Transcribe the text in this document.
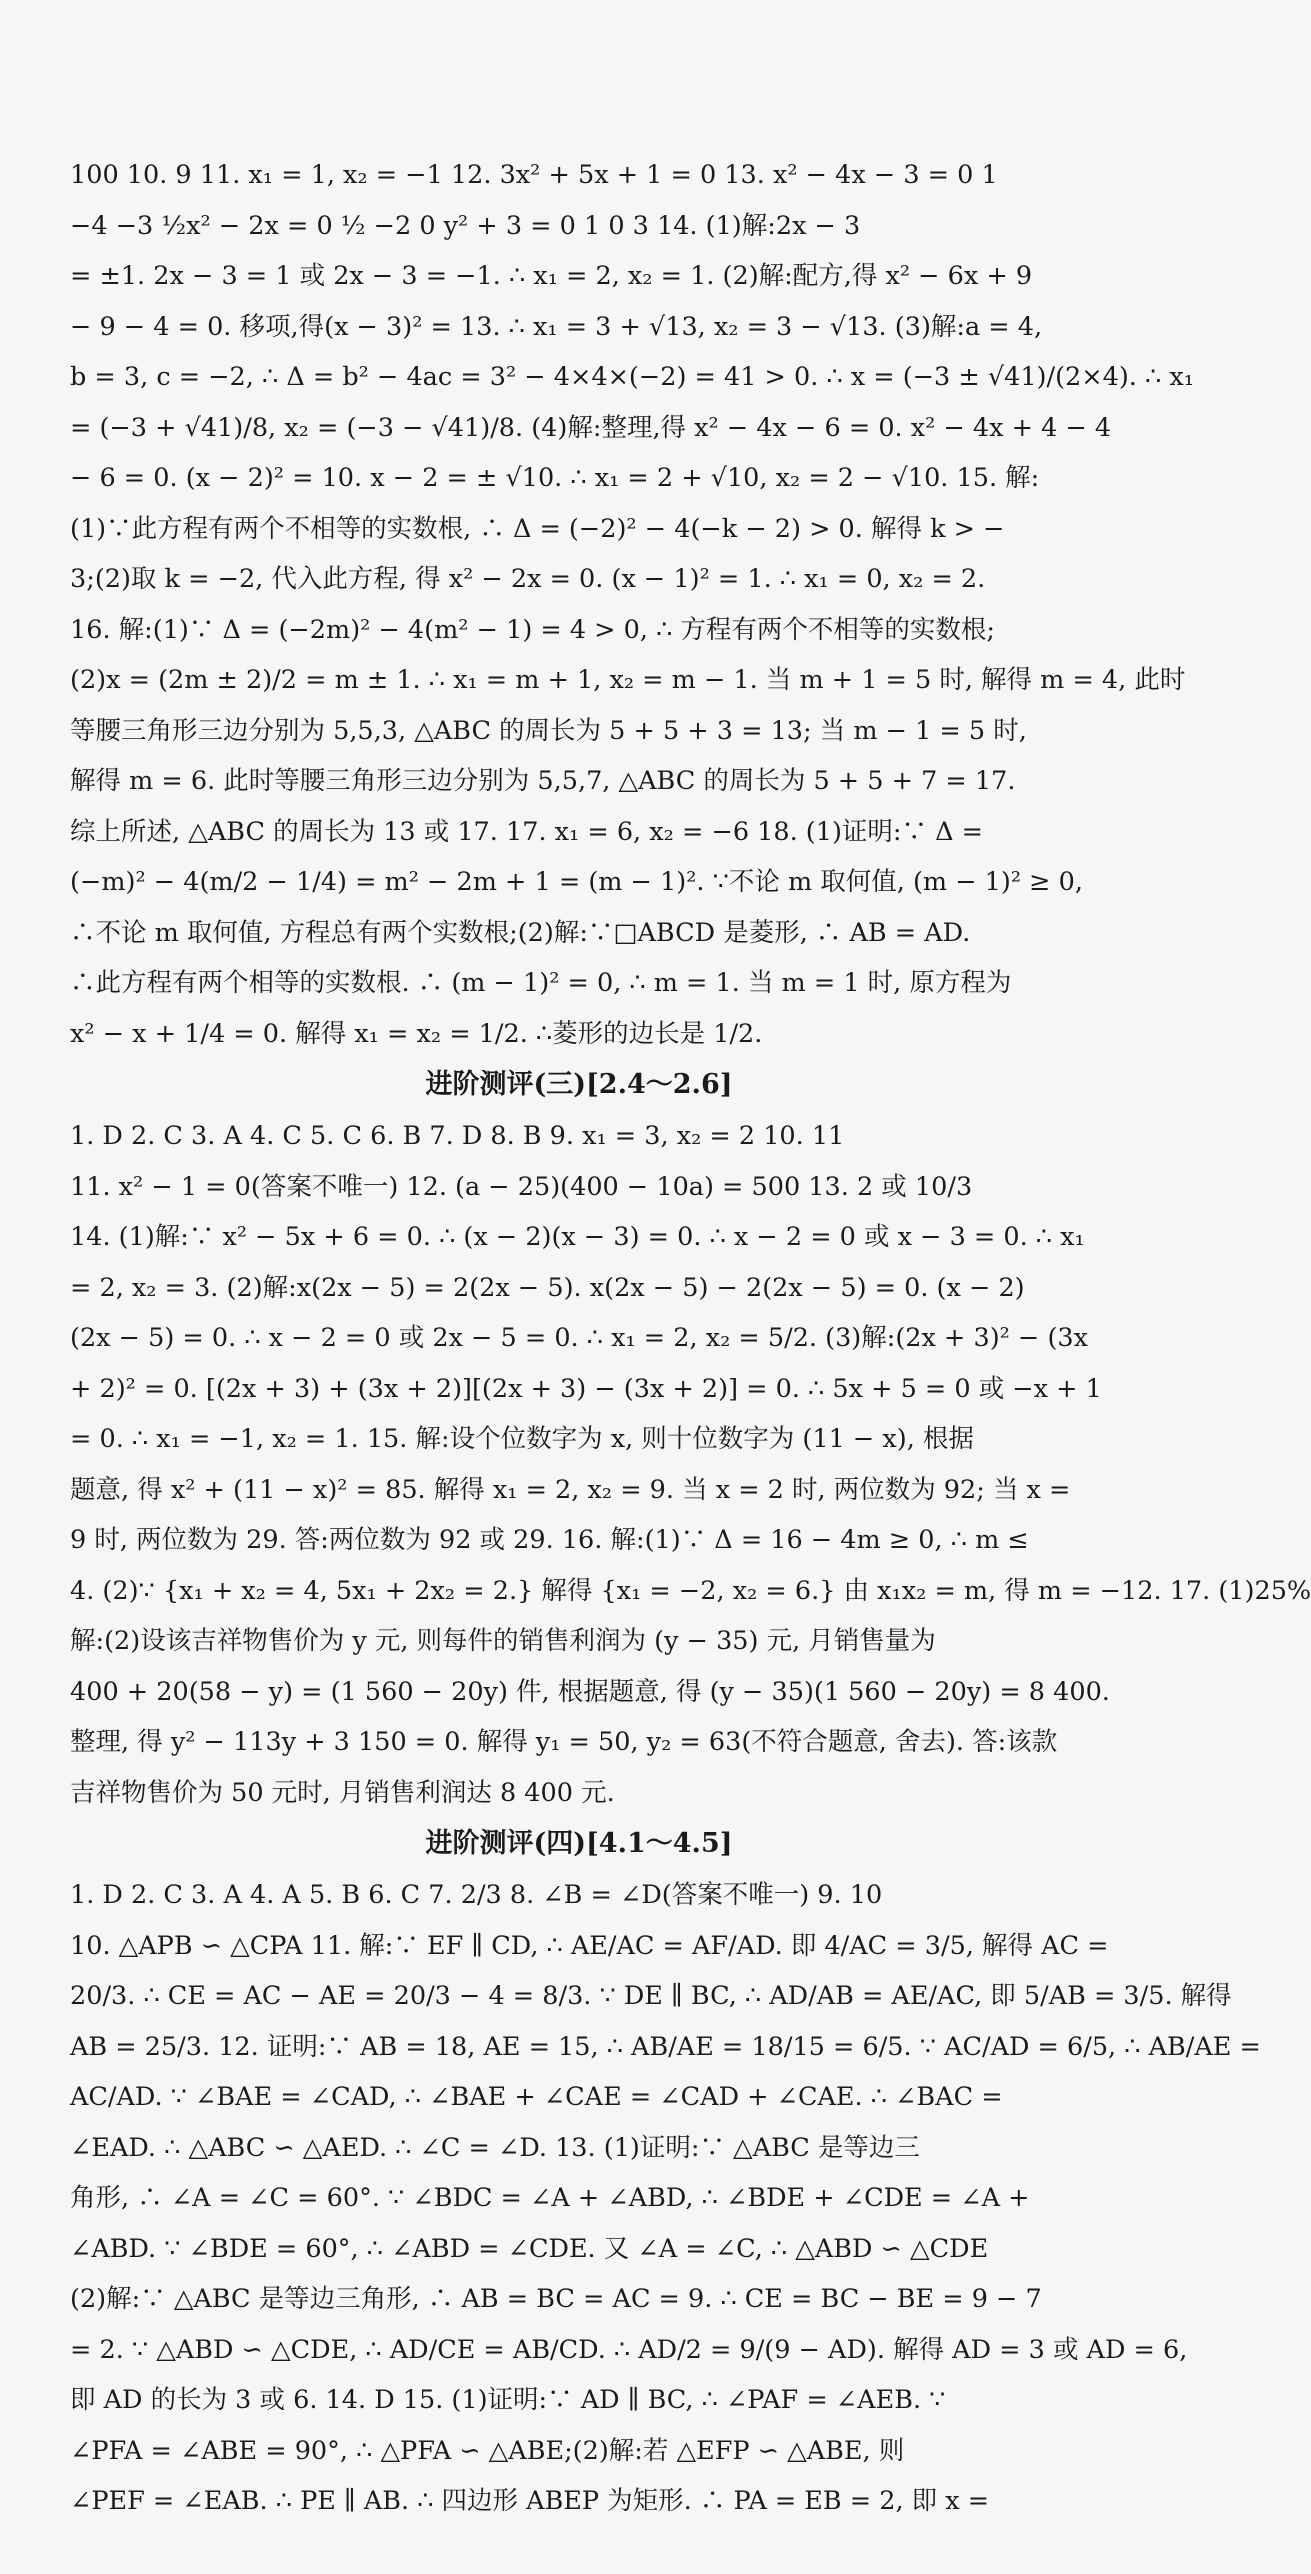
100 10. 9 11. x₁ = 1, x₂ = −1 12. 3x² + 5x + 1 = 0 13. x² − 4x − 3 = 0 1
−4 −3 ½x² − 2x = 0 ½ −2 0 y² + 3 = 0 1 0 3 14. (1)解:2x − 3
= ±1. 2x − 3 = 1 或 2x − 3 = −1. ∴ x₁ = 2, x₂ = 1. (2)解:配方,得 x² − 6x + 9
− 9 − 4 = 0. 移项,得(x − 3)² = 13. ∴ x₁ = 3 + √13, x₂ = 3 − √13. (3)解:a = 4,
b = 3, c = −2, ∴ Δ = b² − 4ac = 3² − 4×4×(−2) = 41 > 0. ∴ x = (−3 ± √41)/(2×4). ∴ x₁
= (−3 + √41)/8, x₂ = (−3 − √41)/8. (4)解:整理,得 x² − 4x − 6 = 0. x² − 4x + 4 − 4
− 6 = 0. (x − 2)² = 10. x − 2 = ± √10. ∴ x₁ = 2 + √10, x₂ = 2 − √10. 15. 解:
(1)∵此方程有两个不相等的实数根, ∴ Δ = (−2)² − 4(−k − 2) > 0. 解得 k > −
3;(2)取 k = −2, 代入此方程, 得 x² − 2x = 0. (x − 1)² = 1. ∴ x₁ = 0, x₂ = 2.
16. 解:(1)∵ Δ = (−2m)² − 4(m² − 1) = 4 > 0, ∴ 方程有两个不相等的实数根;
(2)x = (2m ± 2)/2 = m ± 1. ∴ x₁ = m + 1, x₂ = m − 1. 当 m + 1 = 5 时, 解得 m = 4, 此时
等腰三角形三边分别为 5,5,3, △ABC 的周长为 5 + 5 + 3 = 13; 当 m − 1 = 5 时,
解得 m = 6. 此时等腰三角形三边分别为 5,5,7, △ABC 的周长为 5 + 5 + 7 = 17.
综上所述, △ABC 的周长为 13 或 17. 17. x₁ = 6, x₂ = −6 18. (1)证明:∵ Δ =
(−m)² − 4(m/2 − 1/4) = m² − 2m + 1 = (m − 1)². ∵不论 m 取何值, (m − 1)² ≥ 0,
∴不论 m 取何值, 方程总有两个实数根;(2)解:∵□ABCD 是菱形, ∴ AB = AD.
∴此方程有两个相等的实数根. ∴ (m − 1)² = 0, ∴ m = 1. 当 m = 1 时, 原方程为
x² − x + 1/4 = 0. 解得 x₁ = x₂ = 1/2. ∴菱形的边长是 1/2.
进阶测评(三)[2.4～2.6]
1. D 2. C 3. A 4. C 5. C 6. B 7. D 8. B 9. x₁ = 3, x₂ = 2 10. 11
11. x² − 1 = 0(答案不唯一) 12. (a − 25)(400 − 10a) = 500 13. 2 或 10/3
14. (1)解:∵ x² − 5x + 6 = 0. ∴ (x − 2)(x − 3) = 0. ∴ x − 2 = 0 或 x − 3 = 0. ∴ x₁
= 2, x₂ = 3. (2)解:x(2x − 5) = 2(2x − 5). x(2x − 5) − 2(2x − 5) = 0. (x − 2)
(2x − 5) = 0. ∴ x − 2 = 0 或 2x − 5 = 0. ∴ x₁ = 2, x₂ = 5/2. (3)解:(2x + 3)² − (3x
+ 2)² = 0. [(2x + 3) + (3x + 2)][(2x + 3) − (3x + 2)] = 0. ∴ 5x + 5 = 0 或 −x + 1
= 0. ∴ x₁ = −1, x₂ = 1. 15. 解:设个位数字为 x, 则十位数字为 (11 − x), 根据
题意, 得 x² + (11 − x)² = 85. 解得 x₁ = 2, x₂ = 9. 当 x = 2 时, 两位数为 92; 当 x =
9 时, 两位数为 29. 答:两位数为 92 或 29. 16. 解:(1)∵ Δ = 16 − 4m ≥ 0, ∴ m ≤
4. (2)∵ {x₁ + x₂ = 4, 5x₁ + 2x₂ = 2.} 解得 {x₁ = −2, x₂ = 6.} 由 x₁x₂ = m, 得 m = −12. 17. (1)25%
解:(2)设该吉祥物售价为 y 元, 则每件的销售利润为 (y − 35) 元, 月销售量为
400 + 20(58 − y) = (1 560 − 20y) 件, 根据题意, 得 (y − 35)(1 560 − 20y) = 8 400.
整理, 得 y² − 113y + 3 150 = 0. 解得 y₁ = 50, y₂ = 63(不符合题意, 舍去). 答:该款
吉祥物售价为 50 元时, 月销售利润达 8 400 元.
进阶测评(四)[4.1～4.5]
1. D 2. C 3. A 4. A 5. B 6. C 7. 2/3 8. ∠B = ∠D(答案不唯一) 9. 10
10. △APB ∽ △CPA 11. 解:∵ EF ∥ CD, ∴ AE/AC = AF/AD. 即 4/AC = 3/5, 解得 AC =
20/3. ∴ CE = AC − AE = 20/3 − 4 = 8/3. ∵ DE ∥ BC, ∴ AD/AB = AE/AC, 即 5/AB = 3/5. 解得
AB = 25/3. 12. 证明:∵ AB = 18, AE = 15, ∴ AB/AE = 18/15 = 6/5. ∵ AC/AD = 6/5, ∴ AB/AE =
AC/AD. ∵ ∠BAE = ∠CAD, ∴ ∠BAE + ∠CAE = ∠CAD + ∠CAE. ∴ ∠BAC =
∠EAD. ∴ △ABC ∽ △AED. ∴ ∠C = ∠D. 13. (1)证明:∵ △ABC 是等边三
角形, ∴ ∠A = ∠C = 60°. ∵ ∠BDC = ∠A + ∠ABD, ∴ ∠BDE + ∠CDE = ∠A +
∠ABD. ∵ ∠BDE = 60°, ∴ ∠ABD = ∠CDE. 又 ∠A = ∠C, ∴ △ABD ∽ △CDE
(2)解:∵ △ABC 是等边三角形, ∴ AB = BC = AC = 9. ∴ CE = BC − BE = 9 − 7
= 2. ∵ △ABD ∽ △CDE, ∴ AD/CE = AB/CD. ∴ AD/2 = 9/(9 − AD). 解得 AD = 3 或 AD = 6,
即 AD 的长为 3 或 6. 14. D 15. (1)证明:∵ AD ∥ BC, ∴ ∠PAF = ∠AEB. ∵
∠PFA = ∠ABE = 90°, ∴ △PFA ∽ △ABE;(2)解:若 △EFP ∽ △ABE, 则
∠PEF = ∠EAB. ∴ PE ∥ AB. ∴ 四边形 ABEP 为矩形. ∴ PA = EB = 2, 即 x =
